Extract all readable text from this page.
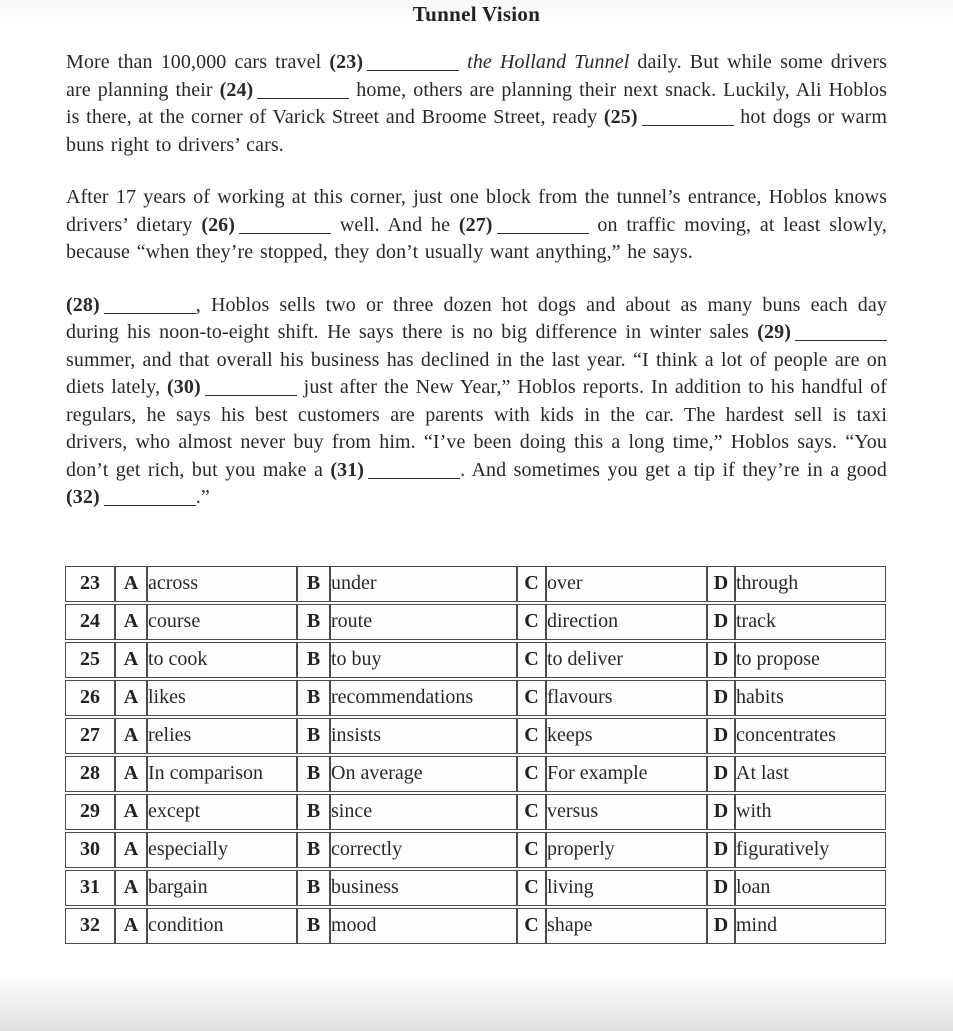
Tunnel Vision

More than 100,000 cars travel (23)	the Holland Tunnel daily. But while some drivers are planning their (24)	home, others are planning their next snack. Luckily, Ali Hoblos is there, at the corner of Varick Street and Broome Street, ready (25)	hot dogs or warm buns right to drivers’ cars.

After 17 years of working at this corner, just one block from the tunnel’s entrance, Hoblos knows drivers’ dietary (26)	well. And he (27)	on traffic moving, at least slowly, because “when they’re stopped, they don’t usually want anything,” he says.

(28)	, Hoblos sells two or three dozen hot dogs and about as many buns each day during his noon-to-eight shift. He says there is no big difference in winter sales (29) summer, and that overall his business has declined in the last year. “I think a lot of people are on diets lately, (30)	just after the New Year,” Hoblos reports. In addition to his handful of regulars, he says his best customers are parents with kids in the car. The hardest sell is taxi drivers, who almost never buy from him. “I’ve been doing this a long time,” Hoblos says. “You don’t get rich, but you make a (31)	. And sometimes you get a tip if they’re in a good (32)	.”

23	A	across	B	under	C	over	D	through
24	A	course	B	route	C	direction	D	track
25	A	to cook	B	to buy	C	to deliver	D	to propose
26	A	likes	B	recommendations	C	flavours	D	habits
27	A	relies	B	insists	C	keeps	D	concentrates
28	A	In comparison	B	On average	C	For example	D	At last
29	A	except	B	since	C	versus	D	with
30	A	especially	B	correctly	C	properly	D	figuratively
31	A	bargain	B	business	C	living	D	loan
32	A	condition	B	mood	C	shape	D	mind
